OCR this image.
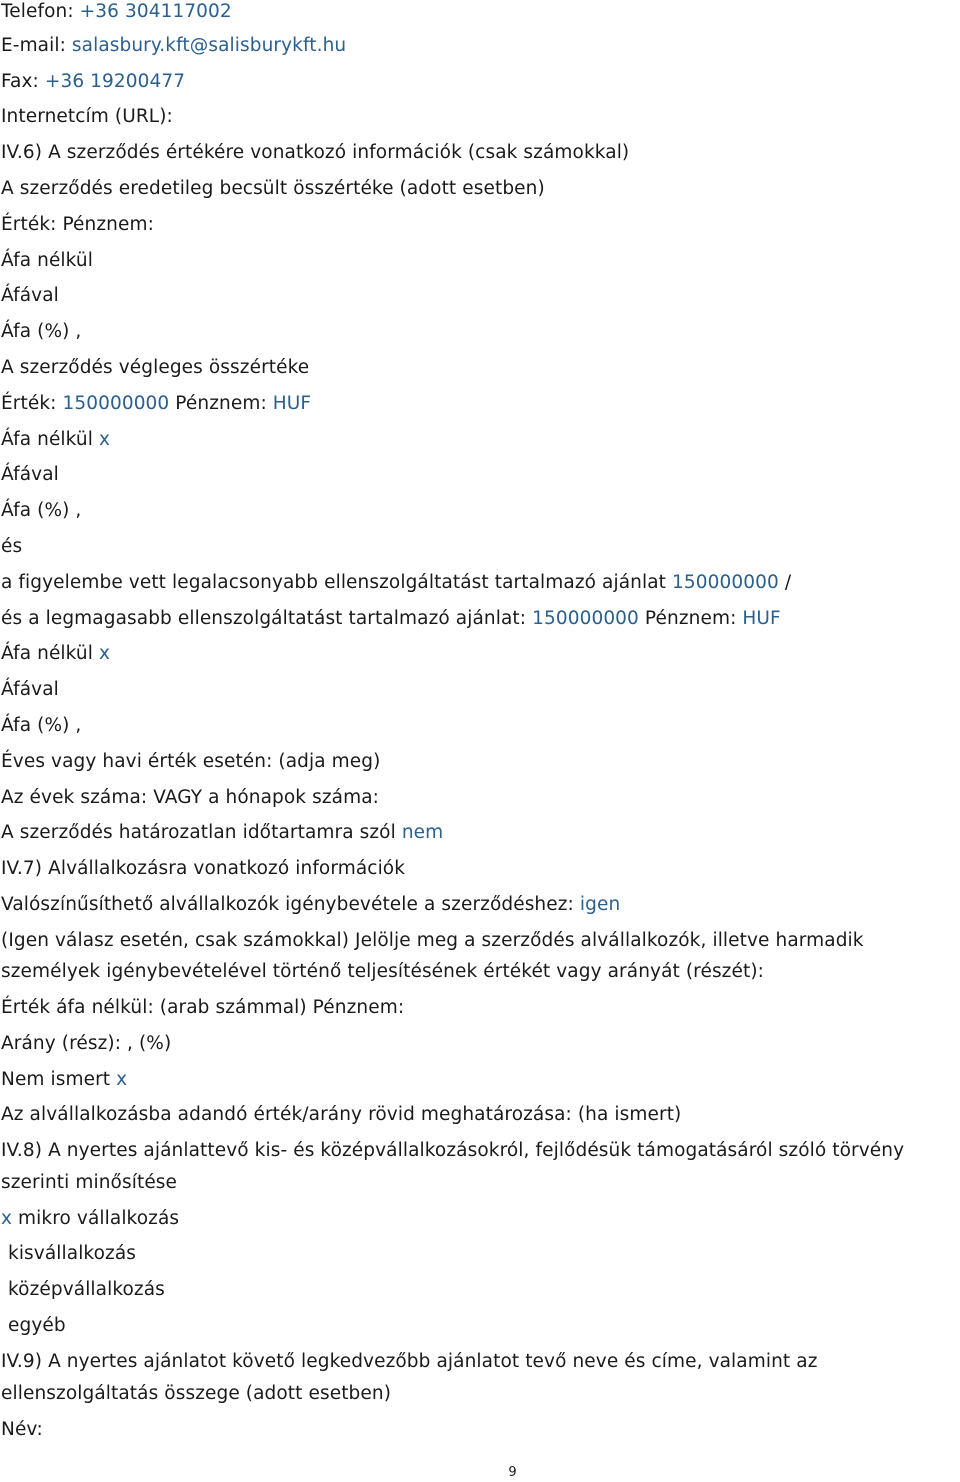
Telefon: +36 304117002
E-mail: salasbury.kft@salisburykft.hu
Fax: +36 19200477
Internetcím (URL):
IV.6) A szerződés értékére vonatkozó információk (csak számokkal)
A szerződés eredetileg becsült összértéke (adott esetben)
Érték: Pénznem:
Áfa nélkül
Áfával
Áfa (%) ,
A szerződés végleges összértéke
Érték: 150000000 Pénznem: HUF
Áfa nélkül x
Áfával
Áfa (%) ,
és
a figyelembe vett legalacsonyabb ellenszolgáltatást tartalmazó ajánlat 150000000 /
és a legmagasabb ellenszolgáltatást tartalmazó ajánlat: 150000000 Pénznem: HUF
Áfa nélkül x
Áfával
Áfa (%) ,
Éves vagy havi érték esetén: (adja meg)
Az évek száma: VAGY a hónapok száma:
A szerződés határozatlan időtartamra szól nem
IV.7) Alvállalkozásra vonatkozó információk
Valószínűsíthető alvállalkozók igénybevétele a szerződéshez: igen
(Igen válasz esetén, csak számokkal) Jelölje meg a szerződés alvállalkozók, illetve harmadik
személyek igénybevételével történő teljesítésének értékét vagy arányát (részét):
Érték áfa nélkül: (arab számmal) Pénznem:
Arány (rész): , (%)
Nem ismert x
Az alvállalkozásba adandó érték/arány rövid meghatározása: (ha ismert)
IV.8) A nyertes ajánlattevő kis- és középvállalkozásokról, fejlődésük támogatásáról szóló törvény
szerinti minősítése
x mikro vállalkozás
kisvállalkozás
középvállalkozás
egyéb
IV.9) A nyertes ajánlatot követő legkedvezőbb ajánlatot tevő neve és címe, valamint az
ellenszolgáltatás összege (adott esetben)
Név:
9
